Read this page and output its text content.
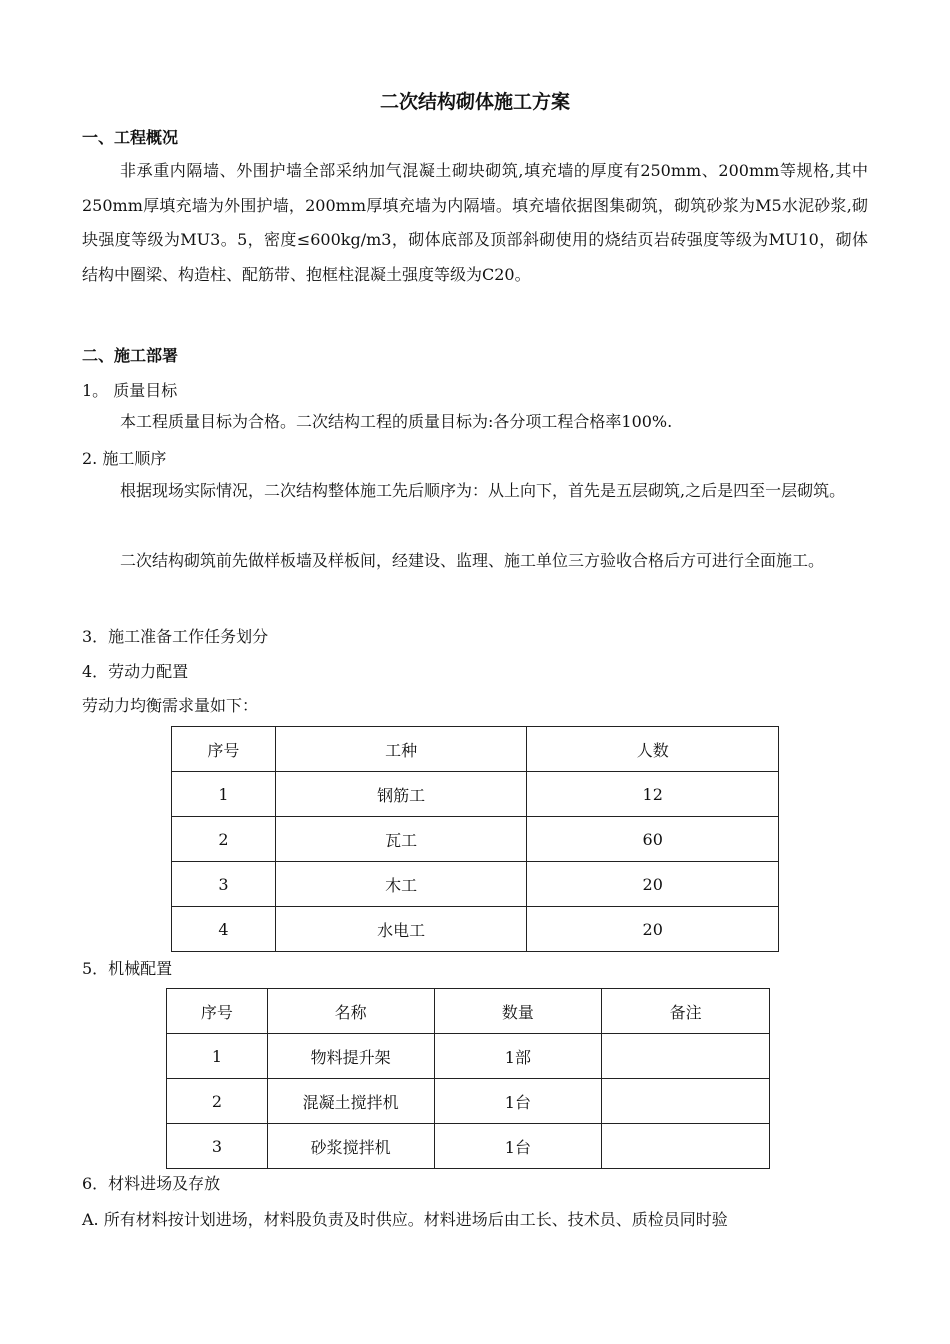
二次结构砌体施工方案
一、工程概况

非承重内隔墙、外围护墙全部采纳加气混凝土砌块砌筑,填充墙的厚度有250mm、200mm等规格,其中250mm厚填充墙为外围护墙，200mm厚填充墙为内隔墙。填充墙依据图集砌筑，砌筑砂浆为M5水泥砂浆,砌块强度等级为MU3。5，密度≤600kg/m3，砌体底部及顶部斜砌使用的烧结页岩砖强度等级为MU10，砌体结构中圈梁、构造柱、配筋带、抱框柱混凝土强度等级为C20。

二、施工部署
1。 质量目标

本工程质量目标为合格。二次结构工程的质量目标为:各分项工程合格率100%.

2. 施工顺序

根据现场实际情况，二次结构整体施工先后顺序为：从上向下，首先是五层砌筑,之后是四至一层砌筑。

二次结构砌筑前先做样板墙及样板间，经建设、监理、施工单位三方验收合格后方可进行全面施工。

3．施工准备工作任务划分
4．劳动力配置
劳动力均衡需求量如下：
序号	工种	人数
1	钢筋工	12
2	瓦工	60
3	木工	20
4	水电工	20
5．机械配置
序号	名称	数量	备注
1	物料提升架	1部	
2	混凝土搅拌机	1台	
3	砂浆搅拌机	1台	
6．材料进场及存放
A. 所有材料按计划进场，材料股负责及时供应。材料进场后由工长、技术员、质检员同时验
